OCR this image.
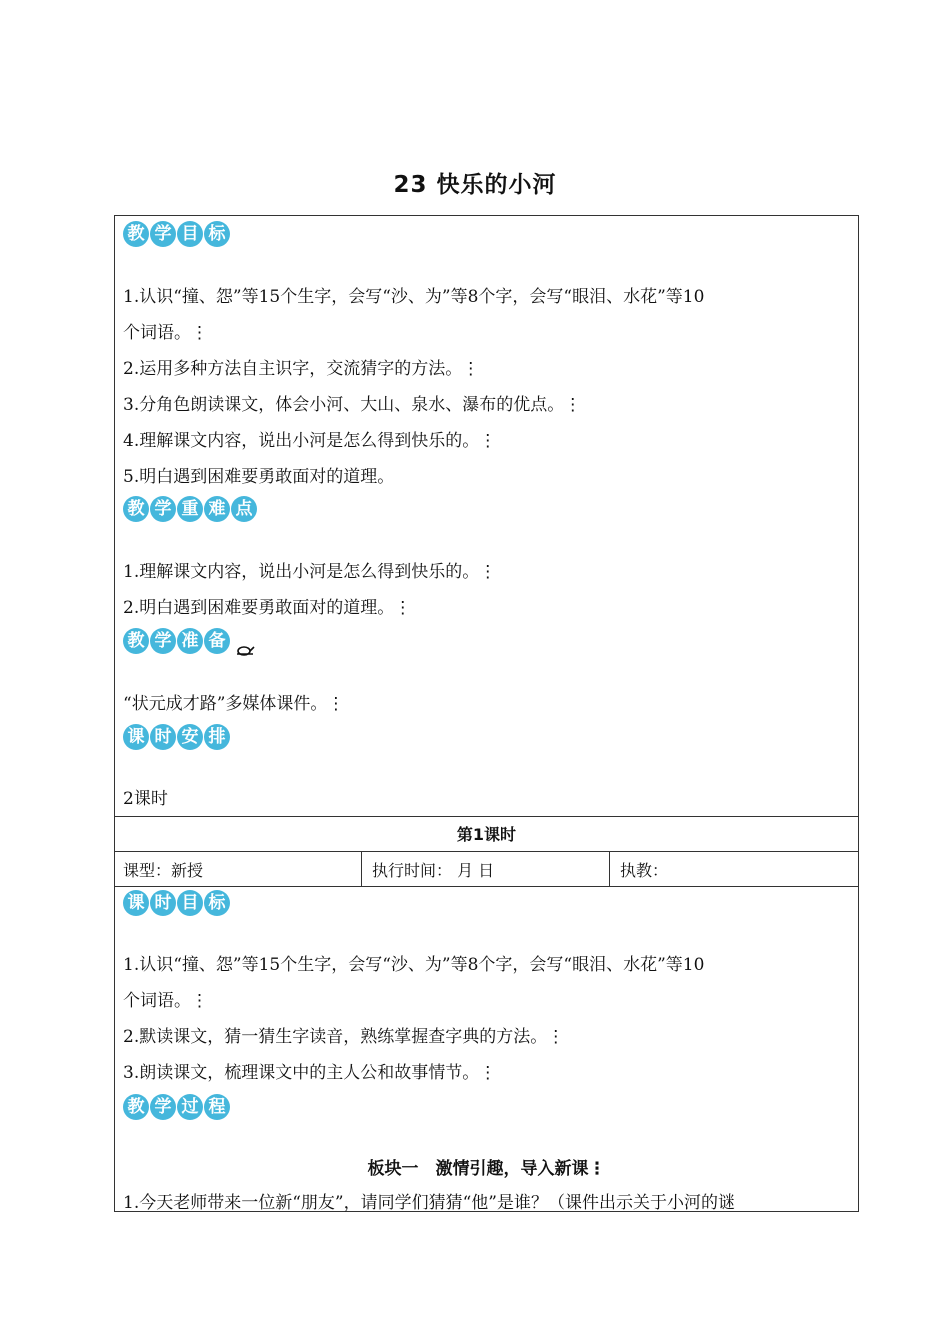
23 快乐的小河
教 学 目 标
1.认识“撞、怨”等15个生字，会写“沙、为”等8个字，会写“眼泪、水花”等10
个词语。⋮
2.运用多种方法自主识字，交流猜字的方法。⋮
3.分角色朗读课文，体会小河、大山、泉水、瀑布的优点。⋮
4.理解课文内容，说出小河是怎么得到快乐的。⋮
5.明白遇到困难要勇敢面对的道理。
教 学 重 难 点
1.理解课文内容，说出小河是怎么得到快乐的。⋮
2.明白遇到困难要勇敢面对的道理。⋮
教 学 准 备
“状元成才路”多媒体课件。⋮
课 时 安 排
2课时
第1课时
课型：新授	执行时间： 月 日	执教：
课 时 目 标
1.认识“撞、怨”等15个生字，会写“沙、为”等8个字，会写“眼泪、水花”等10
个词语。⋮
2.默读课文，猜一猜生字读音，熟练掌握查字典的方法。⋮
3.朗读课文，梳理课文中的主人公和故事情节。⋮
教 学 过 程
板块一　激情引趣，导入新课⋮
1.今天老师带来一位新“朋友”，请同学们猜猜“他”是谁？（课件出示关于小河的谜
